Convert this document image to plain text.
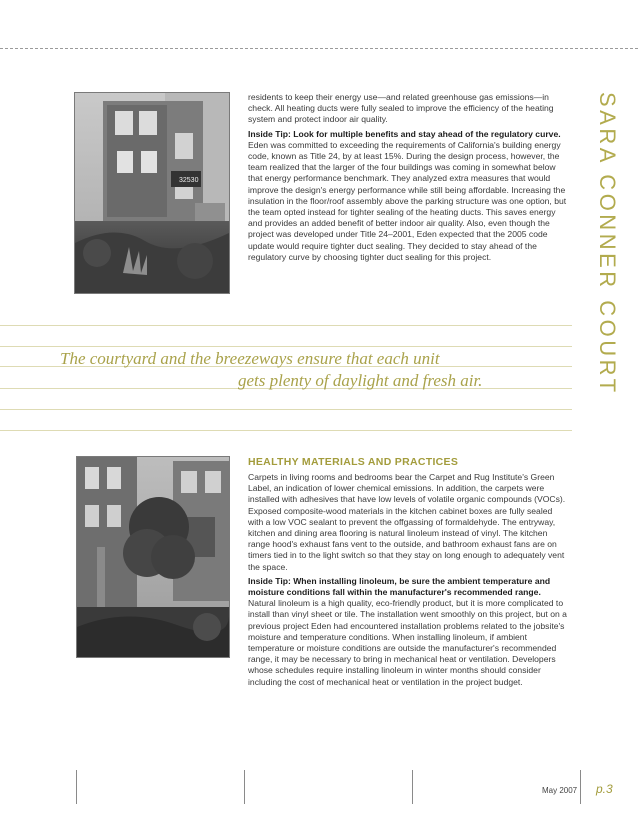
32530

residents to keep their energy use—and related greenhouse gas emissions—in check. All heating ducts were fully sealed to improve the efficiency of the heating system and protect indoor air quality.

Inside Tip: Look for multiple benefits and stay ahead of the regulatory curve. Eden was committed to exceeding the requirements of California's building energy code, known as Title 24, by at least 15%. During the design process, however, the team realized that the larger of the four buildings was coming in somewhat below that energy performance benchmark. They analyzed extra measures that would improve the design's energy performance while still being affordable. Increasing the insulation in the floor/roof assembly above the parking structure was one option, but the team opted instead for tighter sealing of the heating ducts. This saves energy and provides an added benefit of better indoor air quality. Also, even though the project was developed under Title 24–2001, Eden expected that the 2005 code update would require tighter duct sealing. They decided to stay ahead of the regulatory curve by choosing tighter duct sealing for this project.	SARA CONNER COURT
The courtyard and the breezeways ensure that each unit
gets plenty of daylight and fresh air.
HEALTHY MATERIALS AND PRACTICES

Carpets in living rooms and bedrooms bear the Carpet and Rug Institute's Green Label, an indication of lower chemical emissions. In addition, the carpets were installed with adhesives that have low levels of volatile organic compounds (VOCs). Exposed composite-wood materials in the kitchen cabinet boxes are fully sealed with a low VOC sealant to prevent the offgassing of formaldehyde. The entryway, kitchen and dining area flooring is natural linoleum instead of vinyl. The kitchen range hood's exhaust fans vent to the outside, and bathroom exhaust fans are on timers tied in to the light switch so that they stay on long enough to adequately vent the space.

Inside Tip: When installing linoleum, be sure the ambient temperature and moisture conditions fall within the manufacturer's recommended range. Natural linoleum is a high quality, eco-friendly product, but it is more complicated to install than vinyl sheet or tile. The installation went smoothly on this project, but on a previous project Eden had encountered installation problems related to the jobsite's moisture and temperature conditions. When installing linoleum, if ambient temperature or moisture conditions are outside the manufacturer's recommended range, it may be necessary to bring in mechanical heat or ventilation. Developers whose schedules require installing linoleum in winter months should consider including the cost of mechanical heat or ventilation in the project budget.

May 2007 p.3
